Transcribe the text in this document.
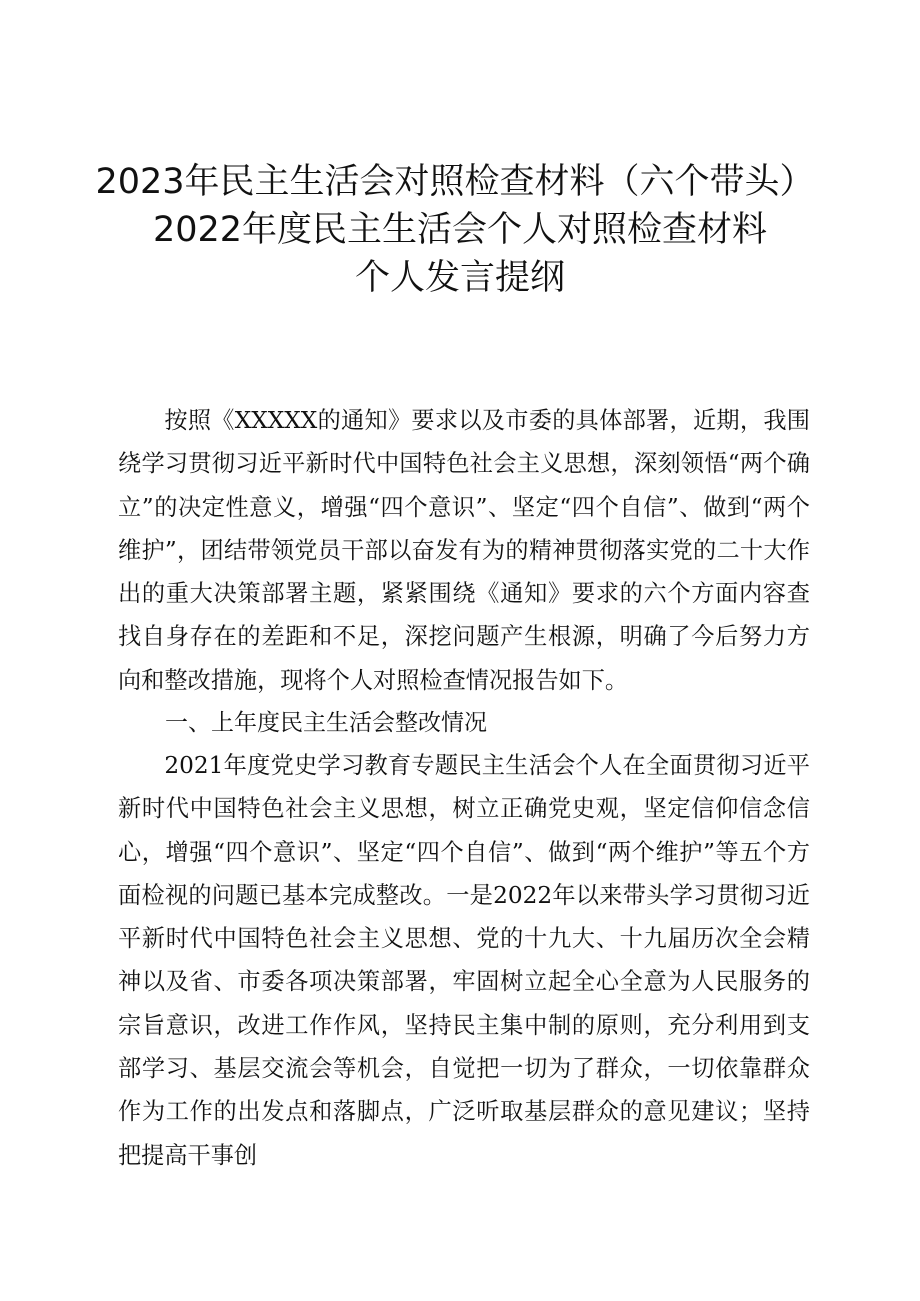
2023年民主生活会对照检查材料（六个带头）
2022年度民主生活会个人对照检查材料
个人发言提纲
按照《XXXXX的通知》要求以及市委的具体部署，近期，我围绕学习贯彻习近平新时代中国特色社会主义思想，深刻领悟“两个确立”的决定性意义，增强“四个意识”、坚定“四个自信”、做到“两个维护”，团结带领党员干部以奋发有为的精神贯彻落实党的二十大作出的重大决策部署主题，紧紧围绕《通知》要求的六个方面内容查找自身存在的差距和不足，深挖问题产生根源，明确了今后努力方向和整改措施，现将个人对照检查情况报告如下。
一、上年度民主生活会整改情况
2021年度党史学习教育专题民主生活会个人在全面贯彻习近平新时代中国特色社会主义思想，树立正确党史观，坚定信仰信念信心，增强“四个意识”、坚定“四个自信”、做到“两个维护”等五个方面检视的问题已基本完成整改。一是2022年以来带头学习贯彻习近平新时代中国特色社会主义思想、党的十九大、十九届历次全会精神以及省、市委各项决策部署，牢固树立起全心全意为人民服务的宗旨意识，改进工作作风，坚持民主集中制的原则，充分利用到支部学习、基层交流会等机会，自觉把一切为了群众，一切依靠群众作为工作的出发点和落脚点，广泛听取基层群众的意见建议；坚持把提高干事创
